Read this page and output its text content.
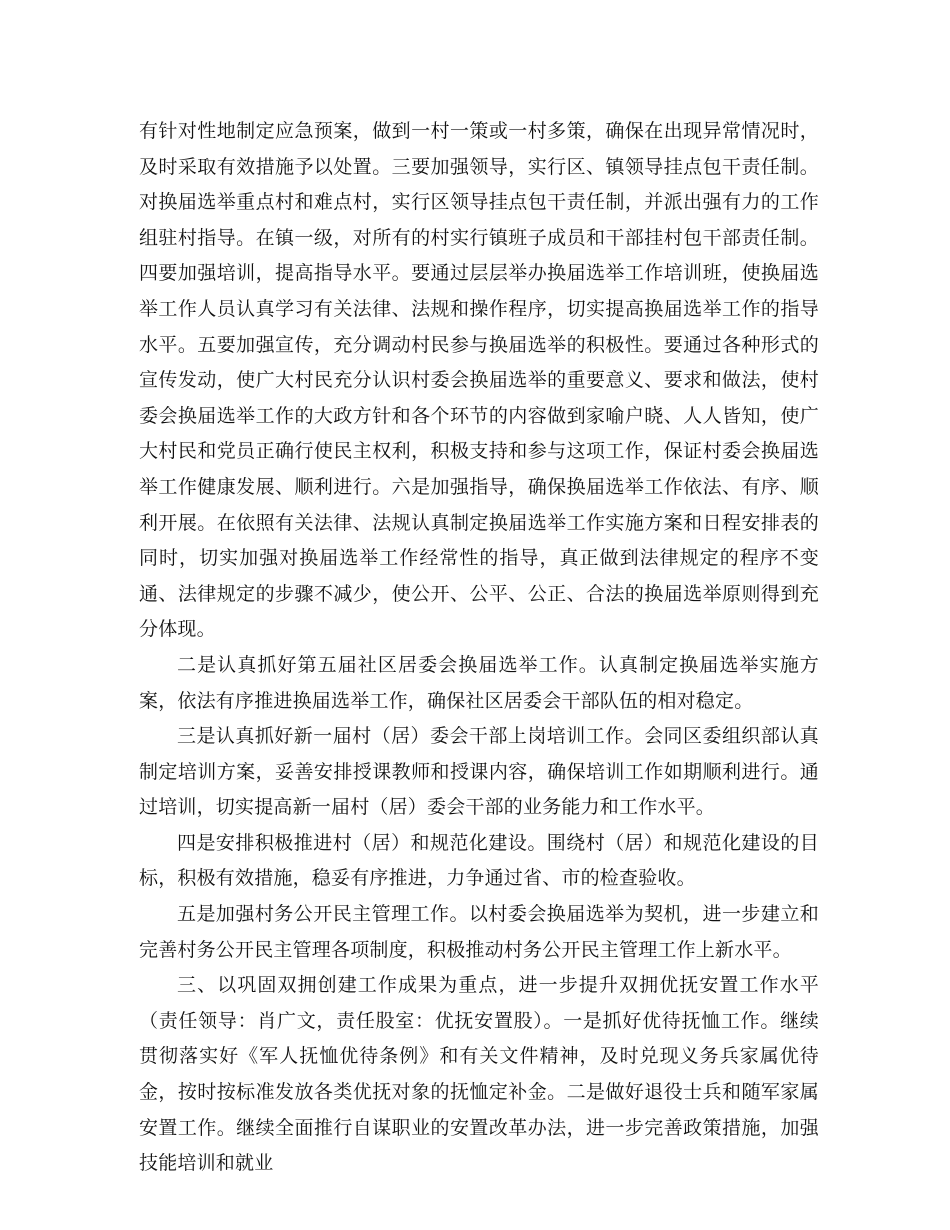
有针对性地制定应急预案，做到一村一策或一村多策，确保在出现异常情况时，及时采取有效措施予以处置。三要加强领导，实行区、镇领导挂点包干责任制。对换届选举重点村和难点村，实行区领导挂点包干责任制，并派出强有力的工作组驻村指导。在镇一级，对所有的村实行镇班子成员和干部挂村包干部责任制。四要加强培训，提高指导水平。要通过层层举办换届选举工作培训班，使换届选举工作人员认真学习有关法律、法规和操作程序，切实提高换届选举工作的指导水平。五要加强宣传，充分调动村民参与换届选举的积极性。要通过各种形式的宣传发动，使广大村民充分认识村委会换届选举的重要意义、要求和做法，使村委会换届选举工作的大政方针和各个环节的内容做到家喻户晓、人人皆知，使广大村民和党员正确行使民主权利，积极支持和参与这项工作，保证村委会换届选举工作健康发展、顺利进行。六是加强指导，确保换届选举工作依法、有序、顺利开展。在依照有关法律、法规认真制定换届选举工作实施方案和日程安排表的同时，切实加强对换届选举工作经常性的指导，真正做到法律规定的程序不变通、法律规定的步骤不减少，使公开、公平、公正、合法的换届选举原则得到充分体现。

二是认真抓好第五届社区居委会换届选举工作。认真制定换届选举实施方案，依法有序推进换届选举工作，确保社区居委会干部队伍的相对稳定。

三是认真抓好新一届村（居）委会干部上岗培训工作。会同区委组织部认真制定培训方案，妥善安排授课教师和授课内容，确保培训工作如期顺利进行。通过培训，切实提高新一届村（居）委会干部的业务能力和工作水平。

四是安排积极推进村（居）和规范化建设。围绕村（居）和规范化建设的目标，积极有效措施，稳妥有序推进，力争通过省、市的检查验收。

五是加强村务公开民主管理工作。以村委会换届选举为契机，进一步建立和完善村务公开民主管理各项制度，积极推动村务公开民主管理工作上新水平。

三、以巩固双拥创建工作成果为重点，进一步提升双拥优抚安置工作水平（责任领导：肖广文，责任股室：优抚安置股）。一是抓好优待抚恤工作。继续贯彻落实好《军人抚恤优待条例》和有关文件精神，及时兑现义务兵家属优待金，按时按标准发放各类优抚对象的抚恤定补金。二是做好退役士兵和随军家属安置工作。继续全面推行自谋职业的安置改革办法，进一步完善政策措施，加强技能培训和就业
